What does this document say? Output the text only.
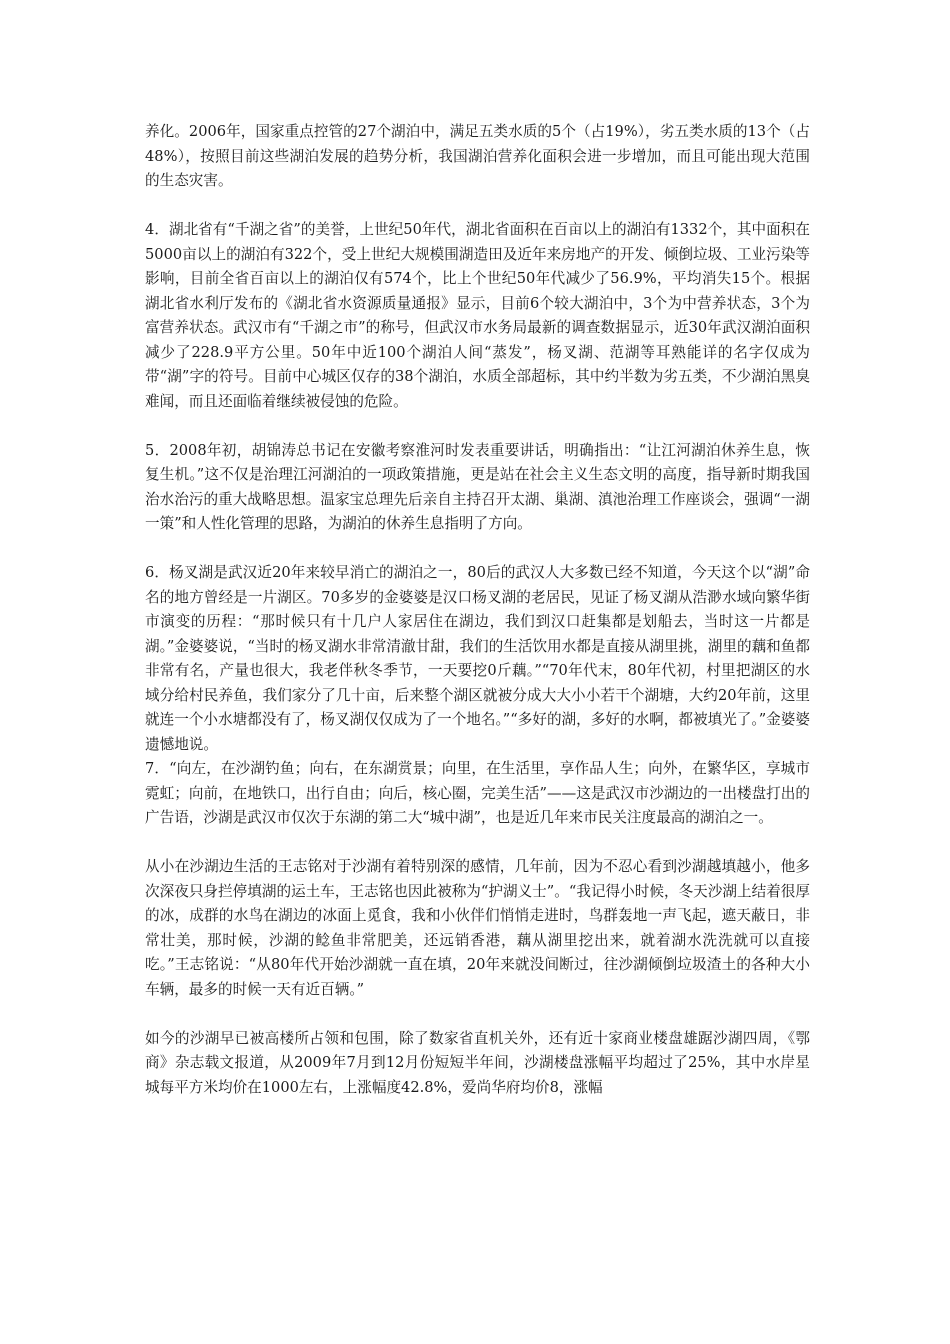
养化。2006年，国家重点控管的27个湖泊中，满足五类水质的5个（占19%），劣五类水质的13个（占48%），按照目前这些湖泊发展的趋势分析，我国湖泊营养化面积会进一步增加，而且可能出现大范围的生态灾害。

4．湖北省有“千湖之省”的美誉，上世纪50年代，湖北省面积在百亩以上的湖泊有1332个，其中面积在5000亩以上的湖泊有322个，受上世纪大规模围湖造田及近年来房地产的开发、倾倒垃圾、工业污染等影响，目前全省百亩以上的湖泊仅有574个，比上个世纪50年代减少了56.9%，平均消失15个。根据湖北省水利厅发布的《湖北省水资源质量通报》显示，目前6个较大湖泊中，3个为中营养状态，3个为富营养状态。武汉市有“千湖之市”的称号，但武汉市水务局最新的调查数据显示，近30年武汉湖泊面积减少了228.9平方公里。50年中近100个湖泊人间“蒸发”，杨叉湖、范湖等耳熟能详的名字仅成为带“湖”字的符号。目前中心城区仅存的38个湖泊，水质全部超标，其中约半数为劣五类，不少湖泊黑臭难闻，而且还面临着继续被侵蚀的危险。

5．2008年初，胡锦涛总书记在安徽考察淮河时发表重要讲话，明确指出：“让江河湖泊休养生息，恢复生机。”这不仅是治理江河湖泊的一项政策措施，更是站在社会主义生态文明的高度，指导新时期我国治水治污的重大战略思想。温家宝总理先后亲自主持召开太湖、巢湖、滇池治理工作座谈会，强调“一湖一策”和人性化管理的思路，为湖泊的休养生息指明了方向。

6．杨叉湖是武汉近20年来较早消亡的湖泊之一，80后的武汉人大多数已经不知道，今天这个以“湖”命名的地方曾经是一片湖区。70多岁的金婆婆是汉口杨叉湖的老居民，见证了杨叉湖从浩渺水域向繁华街市演变的历程：“那时候只有十几户人家居住在湖边，我们到汉口赶集都是划船去，当时这一片都是湖。”金婆婆说，“当时的杨叉湖水非常清澈甘甜，我们的生活饮用水都是直接从湖里挑，湖里的藕和鱼都非常有名，产量也很大，我老伴秋冬季节，一天要挖0斤藕。”“70年代末，80年代初，村里把湖区的水域分给村民养鱼，我们家分了几十亩，后来整个湖区就被分成大大小小若干个湖塘，大约20年前，这里就连一个小水塘都没有了，杨叉湖仅仅成为了一个地名。”“多好的湖，多好的水啊，都被填光了。”金婆婆遗憾地说。

7．“向左，在沙湖钓鱼；向右，在东湖赏景；向里，在生活里，享作品人生；向外，在繁华区，享城市霓虹；向前，在地铁口，出行自由；向后，核心圈，完美生活”——这是武汉市沙湖边的一出楼盘打出的广告语，沙湖是武汉市仅次于东湖的第二大“城中湖”，也是近几年来市民关注度最高的湖泊之一。

从小在沙湖边生活的王志铭对于沙湖有着特别深的感情，几年前，因为不忍心看到沙湖越填越小，他多次深夜只身拦停填湖的运土车，王志铭也因此被称为“护湖义士”。“我记得小时候，冬天沙湖上结着很厚的冰，成群的水鸟在湖边的冰面上觅食，我和小伙伴们悄悄走进时，鸟群轰地一声飞起，遮天蔽日，非常壮美，那时候，沙湖的鲶鱼非常肥美，还远销香港，藕从湖里挖出来，就着湖水洗洗就可以直接吃。”王志铭说：“从80年代开始沙湖就一直在填，20年来就没间断过，往沙湖倾倒垃圾渣土的各种大小车辆，最多的时候一天有近百辆。”

如今的沙湖早已被高楼所占领和包围，除了数家省直机关外，还有近十家商业楼盘雄踞沙湖四周，《鄂商》杂志载文报道，从2009年7月到12月份短短半年间，沙湖楼盘涨幅平均超过了25%，其中水岸星城每平方米均价在1000左右，上涨幅度42.8%，爱尚华府均价8，涨幅
